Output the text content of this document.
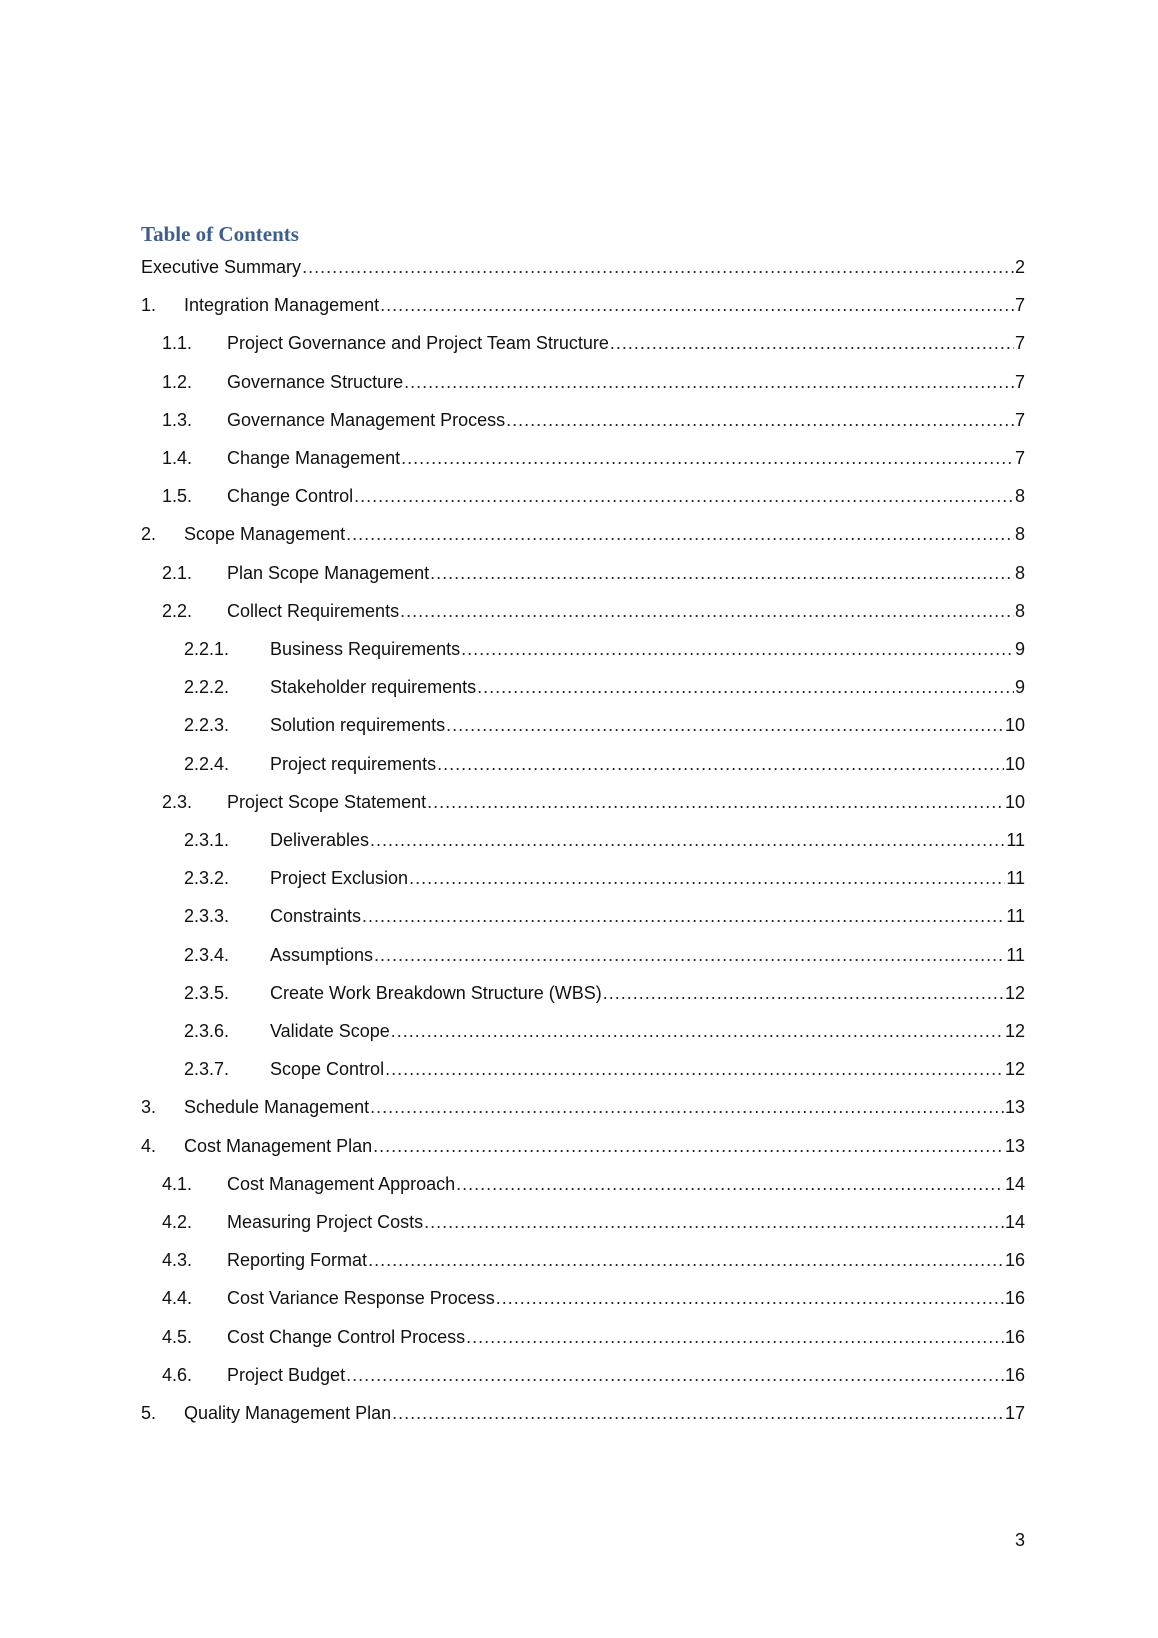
Table of Contents
Executive Summary .....	2
1.	Integration Management .....	7
1.1.	Project Governance and Project Team Structure .....	7
1.2.	Governance Structure .....	7
1.3.	Governance Management Process .....	7
1.4.	Change Management .....	7
1.5.	Change Control .....	8
2.	Scope Management .....	8
2.1.	Plan Scope Management .....	8
2.2.	Collect Requirements .....	8
2.2.1.	Business Requirements .....	9
2.2.2.	Stakeholder requirements .....	9
2.2.3.	Solution requirements .....	10
2.2.4.	Project requirements .....	10
2.3.	Project Scope Statement .....	10
2.3.1.	Deliverables .....	11
2.3.2.	Project Exclusion .....	11
2.3.3.	Constraints .....	11
2.3.4.	Assumptions .....	11
2.3.5.	Create Work Breakdown Structure (WBS) .....	12
2.3.6.	Validate Scope .....	12
2.3.7.	Scope Control .....	12
3.	Schedule Management .....	13
4.	Cost Management Plan .....	13
4.1.	Cost Management Approach .....	14
4.2.	Measuring Project Costs .....	14
4.3.	Reporting Format .....	16
4.4.	Cost Variance Response Process .....	16
4.5.	Cost Change Control Process .....	16
4.6.	Project Budget .....	16
5.	Quality Management Plan .....	17
3
